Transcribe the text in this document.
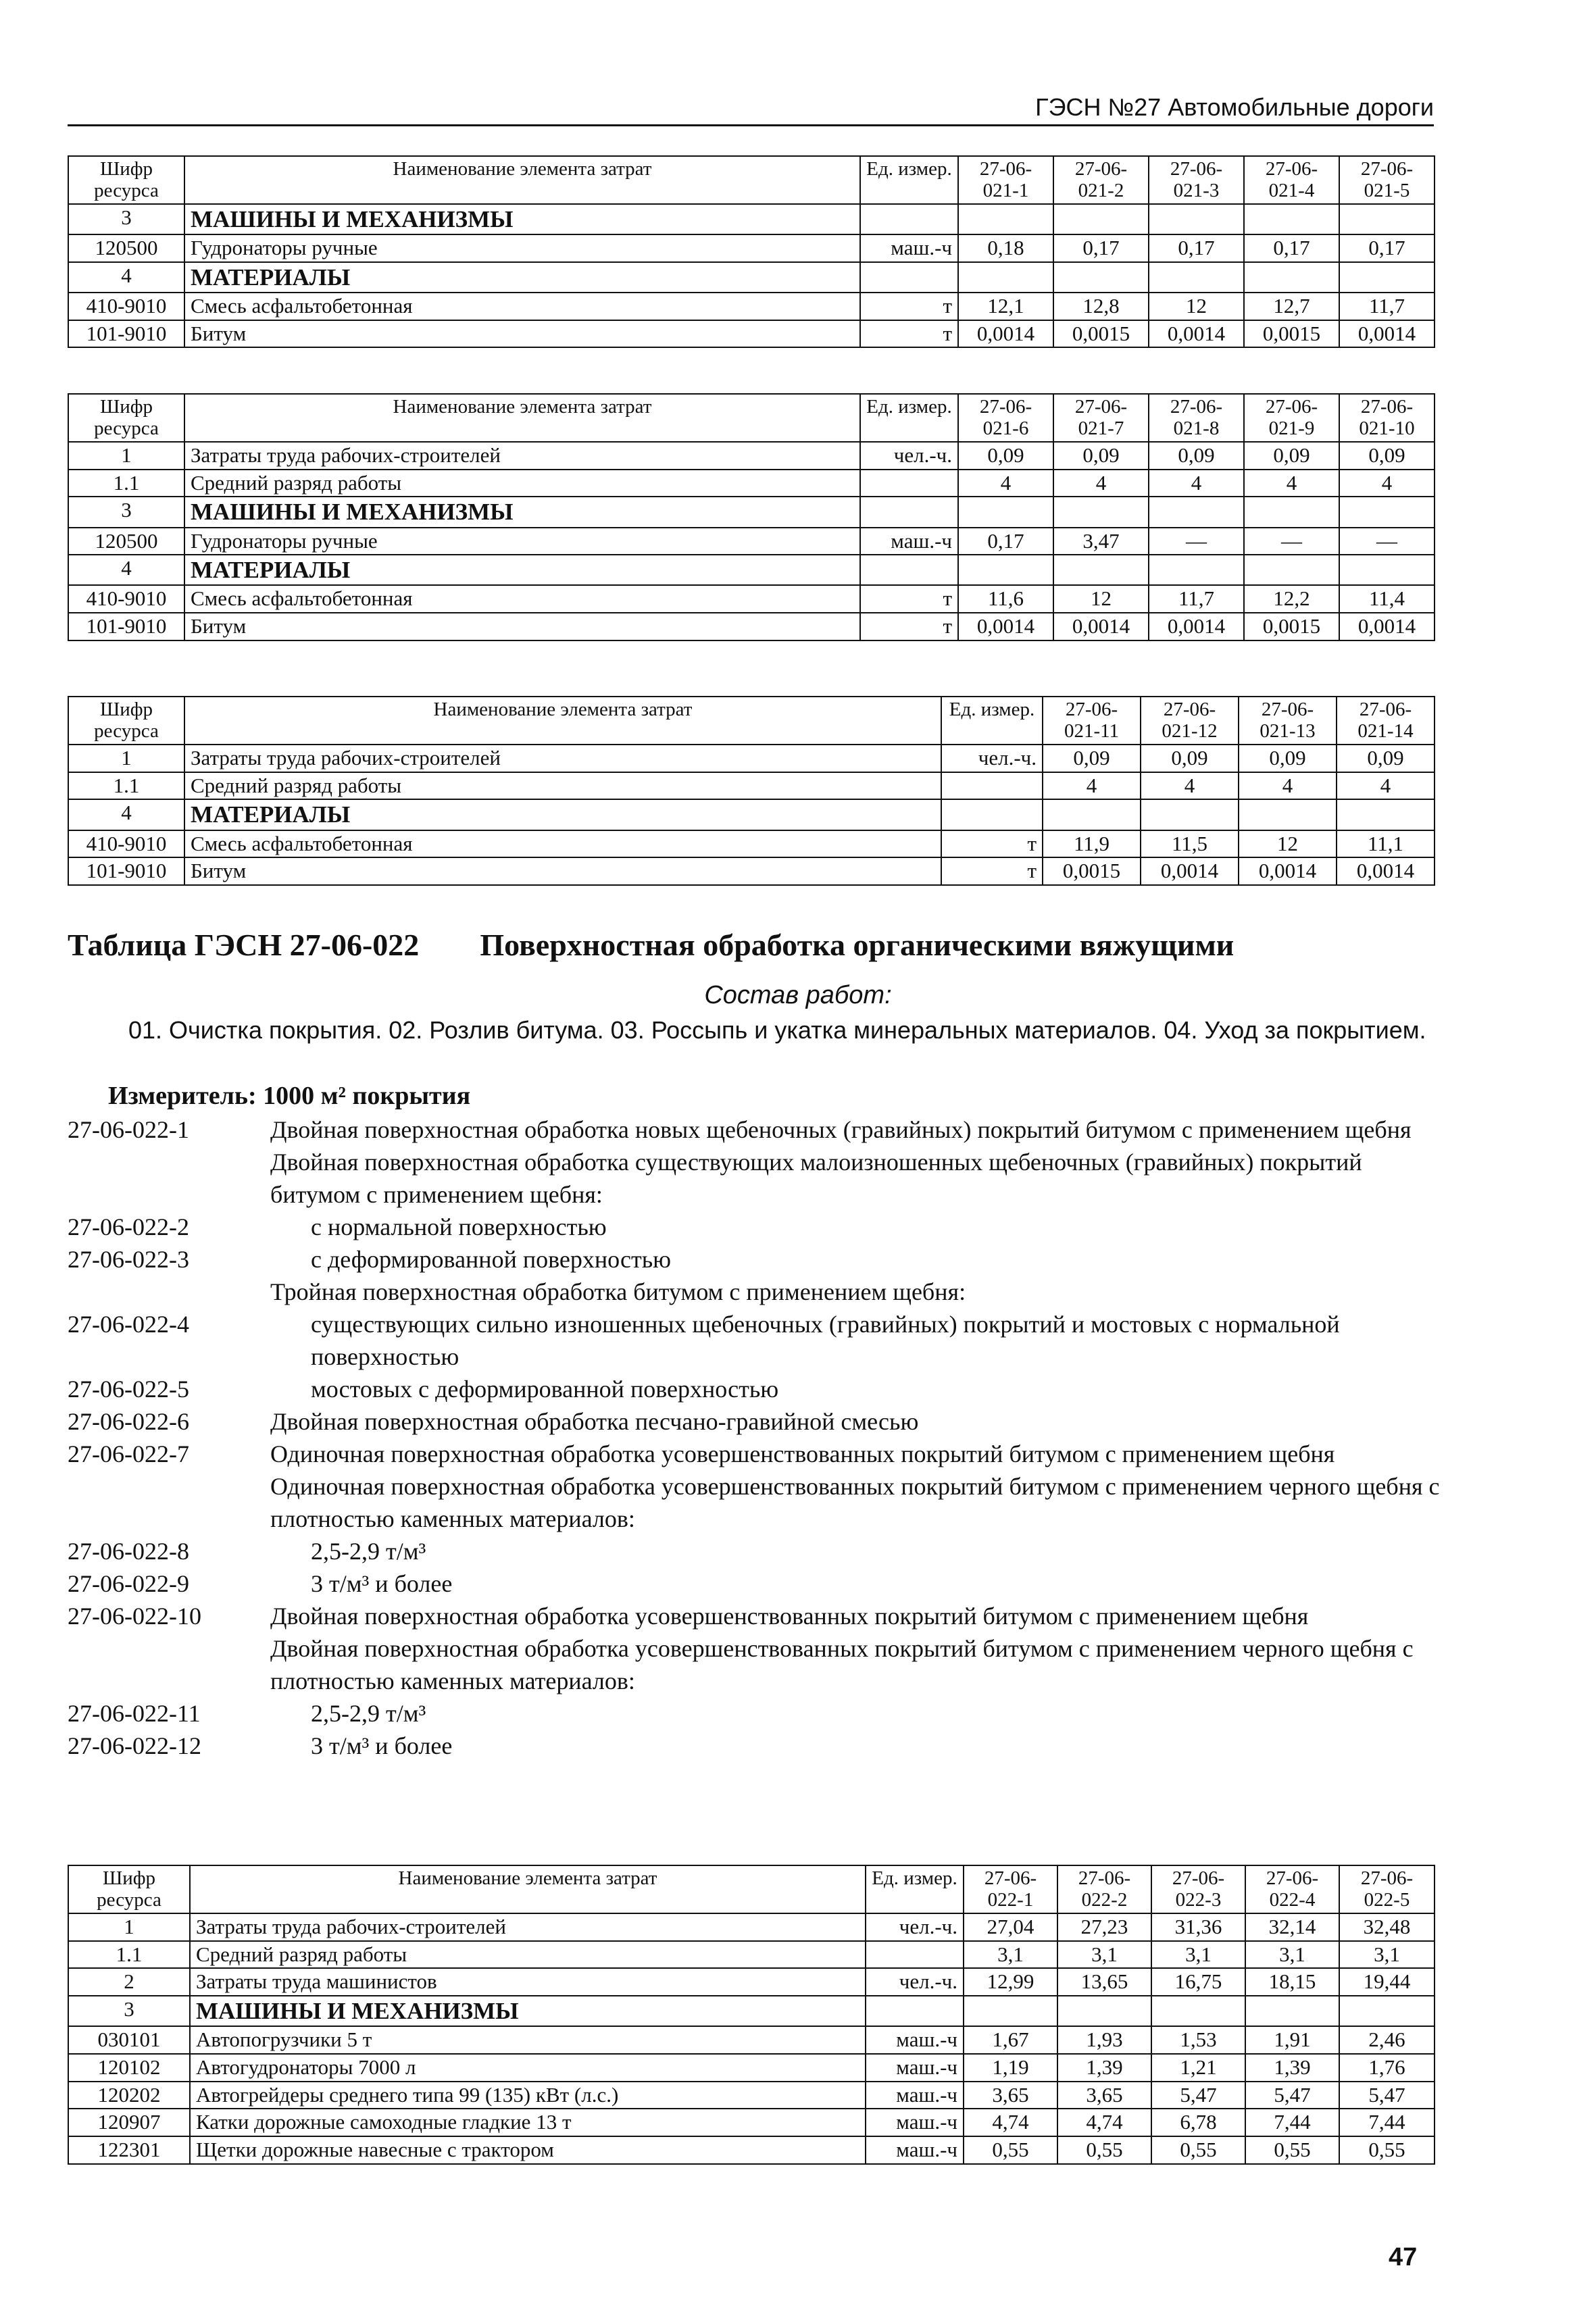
ГЭСН №27 Автомобильные дороги
Шифр ресурса	Наименование элемента затрат	Ед. измер.	27-06-021-1	27-06-021-2	27-06-021-3	27-06-021-4	27-06-021-5
3	МАШИНЫ И МЕХАНИЗМЫ						
120500	Гудронаторы ручные	маш.-ч	0,18	0,17	0,17	0,17	0,17
4	МАТЕРИАЛЫ						
410-9010	Смесь асфальтобетонная	т	12,1	12,8	12	12,7	11,7
101-9010	Битум	т	0,0014	0,0015	0,0014	0,0015	0,0014
Шифр ресурса	Наименование элемента затрат	Ед. измер.	27-06-021-6	27-06-021-7	27-06-021-8	27-06-021-9	27-06-021-10
1	Затраты труда рабочих-строителей	чел.-ч.	0,09	0,09	0,09	0,09	0,09
1.1	Средний разряд работы		4	4	4	4	4
3	МАШИНЫ И МЕХАНИЗМЫ						
120500	Гудронаторы ручные	маш.-ч	0,17	3,47	—	—	—
4	МАТЕРИАЛЫ						
410-9010	Смесь асфальтобетонная	т	11,6	12	11,7	12,2	11,4
101-9010	Битум	т	0,0014	0,0014	0,0014	0,0015	0,0014
Шифр ресурса	Наименование элемента затрат	Ед. измер.	27-06-021-11	27-06-021-12	27-06-021-13	27-06-021-14
1	Затраты труда рабочих-строителей	чел.-ч.	0,09	0,09	0,09	0,09
1.1	Средний разряд работы		4	4	4	4
4	МАТЕРИАЛЫ					
410-9010	Смесь асфальтобетонная	т	11,9	11,5	12	11,1
101-9010	Битум	т	0,0015	0,0014	0,0014	0,0014
Таблица ГЭСН 27-06-022 Поверхностная обработка органическими вяжущими
Состав работ:
01. Очистка покрытия. 02. Розлив битума. 03. Россыпь и укатка минеральных материалов. 04. Уход за покрытием.
Измеритель: 1000 м² покрытия
27-06-022-1	Двойная поверхностная обработка новых щебеночных (гравийных) покрытий битумом с применением щебня
Двойная поверхностная обработка существующих малоизношенных щебеночных (гравийных) покрытий битумом с применением щебня:
27-06-022-2	с нормальной поверхностью
27-06-022-3	с деформированной поверхностью
Тройная поверхностная обработка битумом с применением щебня:
27-06-022-4	существующих сильно изношенных щебеночных (гравийных) покрытий и мостовых с нормальной поверхностью
27-06-022-5	мостовых с деформированной поверхностью
27-06-022-6	Двойная поверхностная обработка песчано-гравийной смесью
27-06-022-7	Одиночная поверхностная обработка усовершенствованных покрытий битумом с применением щебня
Одиночная поверхностная обработка усовершенствованных покрытий битумом с применением черного щебня с плотностью каменных материалов:
27-06-022-8	2,5-2,9 т/м³
27-06-022-9	3 т/м³ и более
27-06-022-10	Двойная поверхностная обработка усовершенствованных покрытий битумом с применением щебня
Двойная поверхностная обработка усовершенствованных покрытий битумом с применением черного щебня с плотностью каменных материалов:
27-06-022-11	2,5-2,9 т/м³
27-06-022-12	3 т/м³ и более
Шифр ресурса	Наименование элемента затрат	Ед. измер.	27-06-022-1	27-06-022-2	27-06-022-3	27-06-022-4	27-06-022-5
1	Затраты труда рабочих-строителей	чел.-ч.	27,04	27,23	31,36	32,14	32,48
1.1	Средний разряд работы		3,1	3,1	3,1	3,1	3,1
2	Затраты труда машинистов	чел.-ч.	12,99	13,65	16,75	18,15	19,44
3	МАШИНЫ И МЕХАНИЗМЫ						
030101	Автопогрузчики 5 т	маш.-ч	1,67	1,93	1,53	1,91	2,46
120102	Автогудронаторы 7000 л	маш.-ч	1,19	1,39	1,21	1,39	1,76
120202	Автогрейдеры среднего типа 99 (135) кВт (л.с.)	маш.-ч	3,65	3,65	5,47	5,47	5,47
120907	Катки дорожные самоходные гладкие 13 т	маш.-ч	4,74	4,74	6,78	7,44	7,44
122301	Щетки дорожные навесные с трактором	маш.-ч	0,55	0,55	0,55	0,55	0,55
47
